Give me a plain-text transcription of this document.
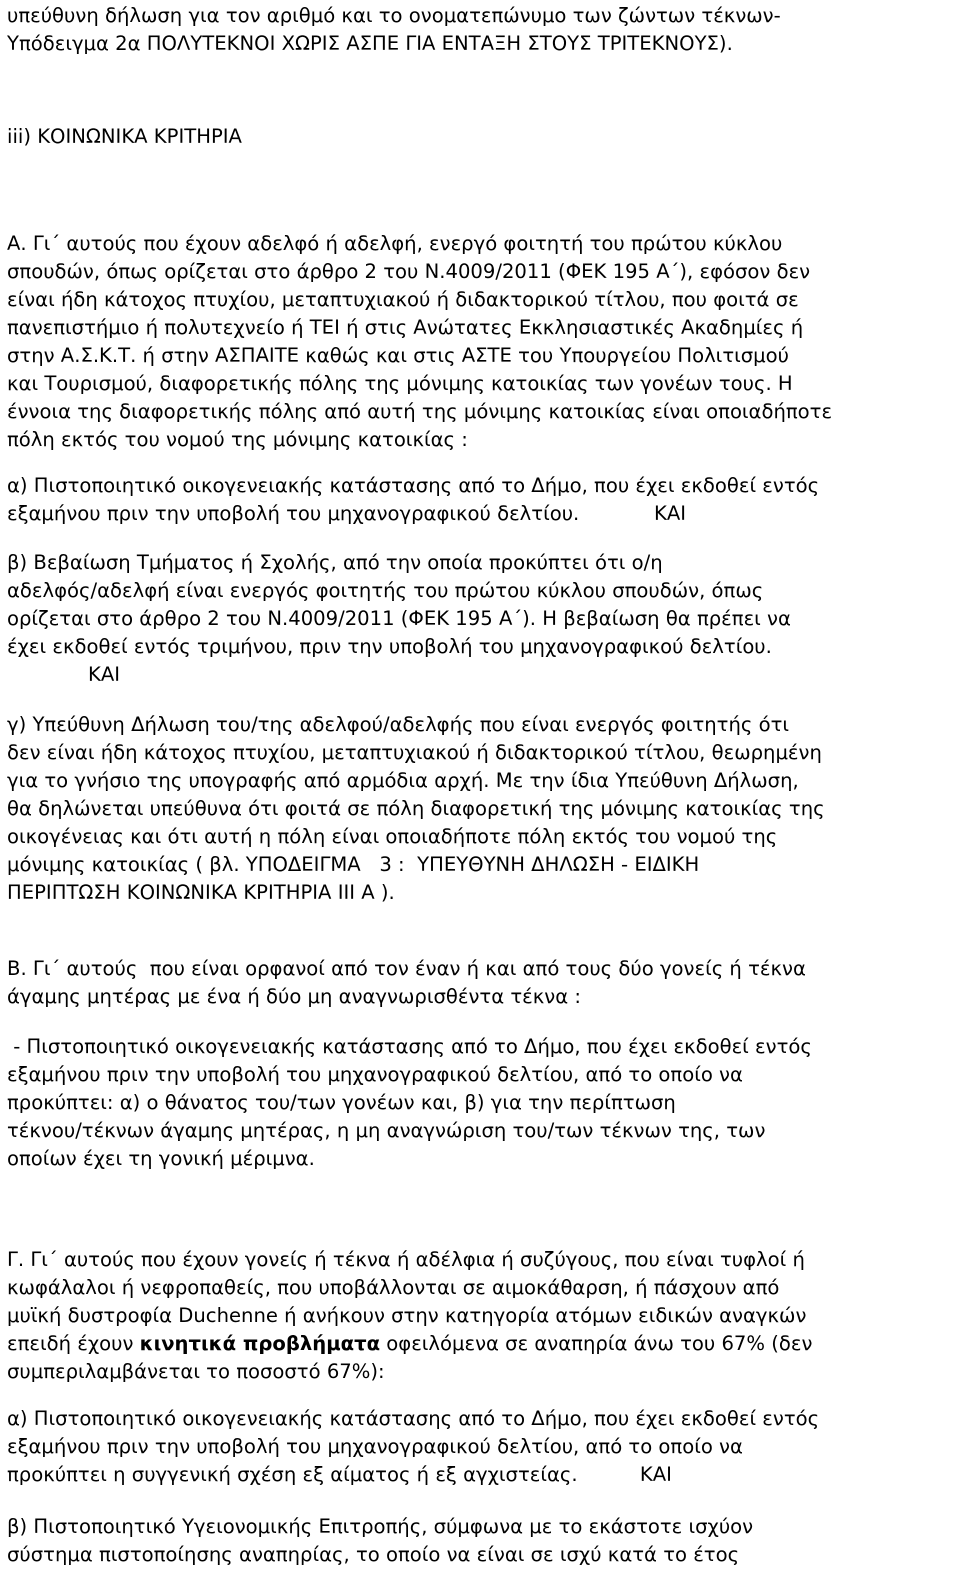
υπεύθυνη δήλωση για τον αριθμό και το ονοματεπώνυμο των ζώντων τέκνων-
Υπόδειγμα 2α ΠΟΛΥΤΕΚΝΟΙ ΧΩΡΙΣ ΑΣΠΕ ΓΙΑ ΕΝΤΑΞΗ ΣΤΟΥΣ ΤΡΙΤΕΚΝΟΥΣ).

iii) ΚΟΙΝΩΝΙΚΑ ΚΡΙΤΗΡΙΑ

Α. Γι΄ αυτούς που έχουν αδελφό ή αδελφή, ενεργό φοιτητή του πρώτου κύκλου
σπουδών, όπως ορίζεται στο άρθρο 2 του Ν.4009/2011 (ΦΕΚ 195 Α΄), εφόσον δεν
είναι ήδη κάτοχος πτυχίου, μεταπτυχιακού ή διδακτορικού τίτλου, που φοιτά σε
πανεπιστήμιο ή πολυτεχνείο ή ΤΕΙ ή στις Ανώτατες Εκκλησιαστικές Ακαδημίες ή
στην Α.Σ.Κ.Τ. ή στην ΑΣΠΑΙΤΕ καθώς και στις ΑΣΤΕ του Υπουργείου Πολιτισμού
και Τουρισμού, διαφορετικής πόλης της μόνιμης κατοικίας των γονέων τους. Η
έννοια της διαφορετικής πόλης από αυτή της μόνιμης κατοικίας είναι οποιαδήποτε
πόλη εκτός του νομού της μόνιμης κατοικίας :

α) Πιστοποιητικό οικογενειακής κατάστασης από το Δήμο, που έχει εκδοθεί εντός
εξαμήνου πριν την υποβολή του μηχανογραφικού δελτίου.            ΚΑΙ

β) Βεβαίωση Τμήματος ή Σχολής, από την οποία προκύπτει ότι ο/η
αδελφός/αδελφή είναι ενεργός φοιτητής του πρώτου κύκλου σπουδών, όπως
ορίζεται στο άρθρο 2 του Ν.4009/2011 (ΦΕΚ 195 Α΄). Η βεβαίωση θα πρέπει να
έχει εκδοθεί εντός τριμήνου, πριν την υποβολή του μηχανογραφικού δελτίου.
ΚΑΙ

γ) Υπεύθυνη Δήλωση του/της αδελφού/αδελφής που είναι ενεργός φοιτητής ότι
δεν είναι ήδη κάτοχος πτυχίου, μεταπτυχιακού ή διδακτορικού τίτλου, θεωρημένη
για το γνήσιο της υπογραφής από αρμόδια αρχή. Με την ίδια Υπεύθυνη Δήλωση,
θα δηλώνεται υπεύθυνα ότι φοιτά σε πόλη διαφορετική της μόνιμης κατοικίας της
οικογένειας και ότι αυτή η πόλη είναι οποιαδήποτε πόλη εκτός του νομού της
μόνιμης κατοικίας ( βλ. ΥΠΟΔΕΙΓΜΑ   3 :  ΥΠΕΥΘΥΝΗ ΔΗΛΩΣΗ - ΕΙΔΙΚΗ
ΠΕΡΙΠΤΩΣΗ ΚΟΙΝΩΝΙΚΑ ΚΡΙΤΗΡΙΑ ΙΙΙ Α ).

Β. Γι΄ αυτούς  που είναι ορφανοί από τον έναν ή και από τους δύο γονείς ή τέκνα
άγαμης μητέρας με ένα ή δύο μη αναγνωρισθέντα τέκνα :

- Πιστοποιητικό οικογενειακής κατάστασης από το Δήμο, που έχει εκδοθεί εντός
εξαμήνου πριν την υποβολή του μηχανογραφικού δελτίου, από το οποίο να
προκύπτει: α) ο θάνατος του/των γονέων και, β) για την περίπτωση
τέκνου/τέκνων άγαμης μητέρας, η μη αναγνώριση του/των τέκνων της, των
οποίων έχει τη γονική μέριμνα.

Γ. Γι΄ αυτούς που έχουν γονείς ή τέκνα ή αδέλφια ή συζύγους, που είναι τυφλοί ή
κωφάλαλοι ή νεφροπαθείς, που υποβάλλονται σε αιμοκάθαρση, ή πάσχουν από
μυϊκή δυστροφία Duchenne ή ανήκουν στην κατηγορία ατόμων ειδικών αναγκών
επειδή έχουν κινητικά προβλήματα οφειλόμενα σε αναπηρία άνω του 67% (δεν
συμπεριλαμβάνεται το ποσοστό 67%):

α) Πιστοποιητικό οικογενειακής κατάστασης από το Δήμο, που έχει εκδοθεί εντός
εξαμήνου πριν την υποβολή του μηχανογραφικού δελτίου, από το οποίο να
προκύπτει η συγγενική σχέση εξ αίματος ή εξ αγχιστείας.          ΚΑΙ

β) Πιστοποιητικό Υγειονομικής Επιτροπής, σύμφωνα με το εκάστοτε ισχύον
σύστημα πιστοποίησης αναπηρίας, το οποίο να είναι σε ισχύ κατά το έτος
